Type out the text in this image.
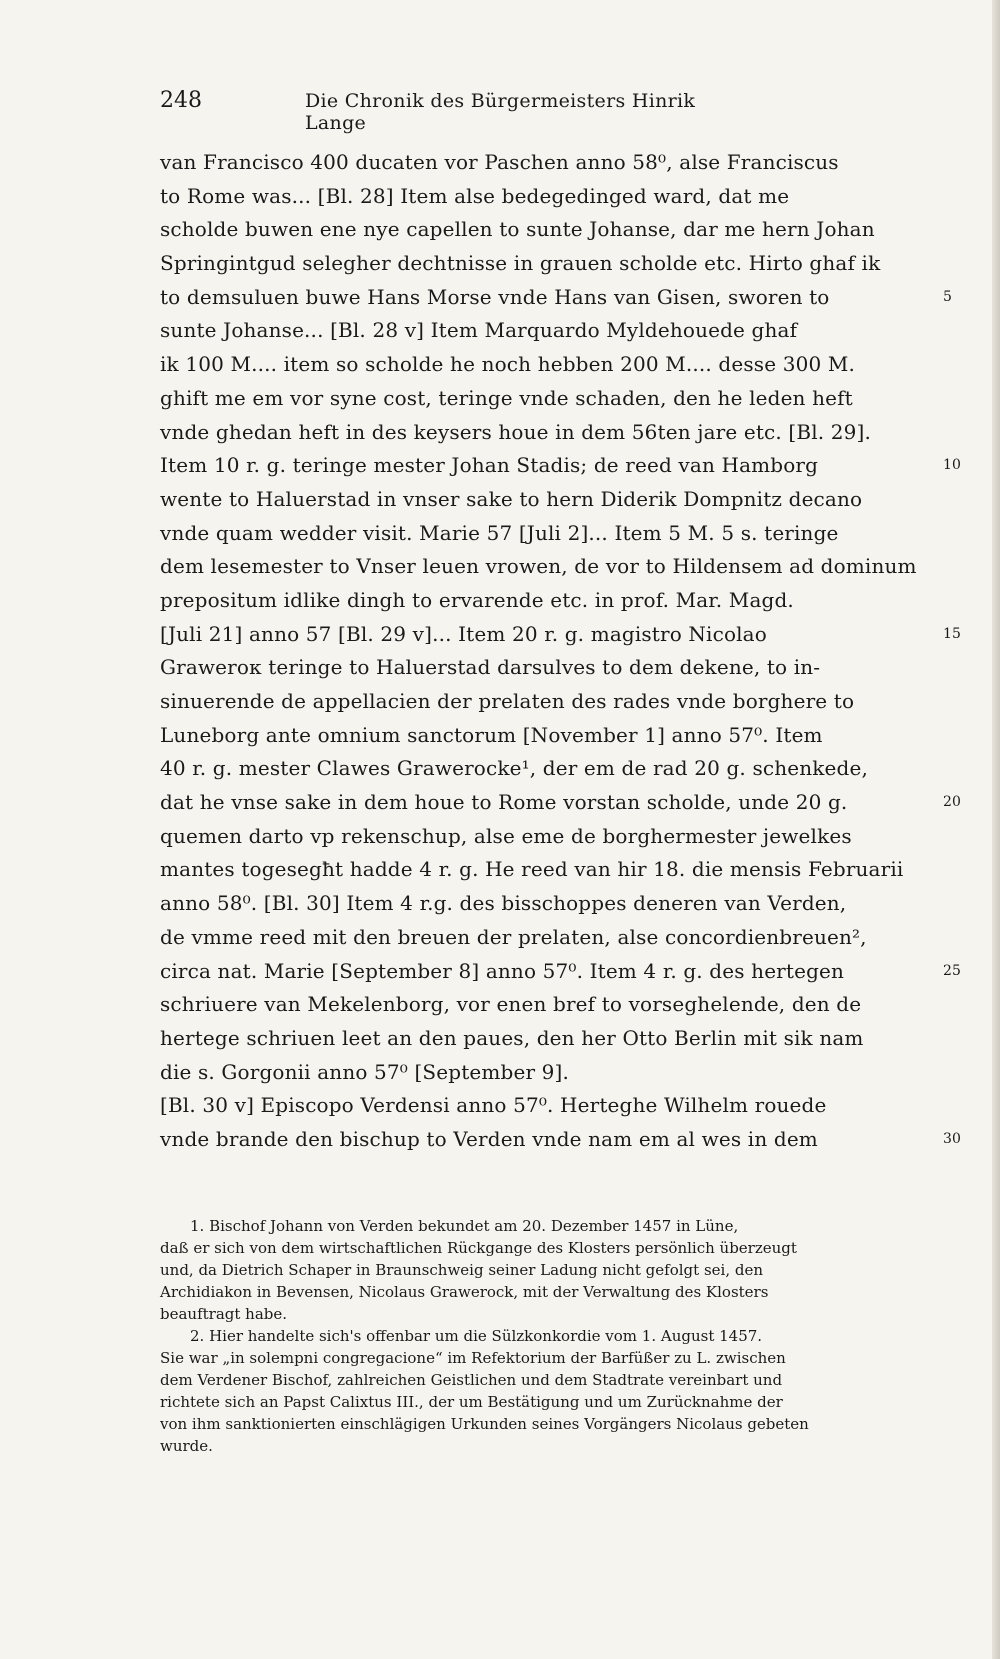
248	Die Chronik des Bürgermeisters Hinrik Lange
van Francisco 400 ducaten vor Paschen anno 58⁰, alse Franciscus
to Rome was... [Bl. 28] Item alse bedegedinged ward, dat me
scholde buwen ene nye capellen to sunte Johanse, dar me hern Johan
Springintgud selegher dechtnisse in grauen scholde etc. Hirto ghaf ik
to demsuluen buwe Hans Morse vnde Hans van Gisen, sworen to	5
sunte Johanse... [Bl. 28 v] Item Marquardo Myldehouede ghaf
ik 100 M.... item so scholde he noch hebben 200 M.... desse 300 M.
ghift me em vor syne cost, teringe vnde schaden, den he leden heft
vnde ghedan heft in des keysers houe in dem 56ten jare etc. [Bl. 29].
Item 10 r. g. teringe mester Johan Stadis; de reed van Hamborg	10
wente to Haluerstad in vnser sake to hern Diderik Dompnitz decano
vnde quam wedder visit. Marie 57 [Juli 2]... Item 5 M. 5 s. teringe
dem lesemester to Vnser leuen vrowen, de vor to Hildensem ad dominum
prepositum idlike dingh to ervarende etc. in prof. Mar. Magd.
[Juli 21] anno 57 [Bl. 29 v]... Item 20 r. g. magistro Nicolao	15
Graweroк teringe to Haluerstad darsulves to dem dekene, to in-
sinuerende de appellacien der prelaten des rades vnde borghere to
Luneborg ante omnium sanctorum [November 1] anno 57⁰. Item
40 r. g. mester Clawes Graweroсke¹, der em de rad 20 g. schenkede,
dat he vnse sake in dem houe to Rome vorstan scholde, unde 20 g.	20
quemen darto vp rekenschup, alse eme de borghermester jewelkes
mantes togesegħt hadde 4 r. g. He reed van hir 18. die mensis Februarii
anno 58⁰. [Bl. 30] Item 4 r.g. des bisschoppes deneren van Verden,
de vmme reed mit den breuen der prelaten, alse concordienbreuen²,
circa nat. Marie [September 8] anno 57⁰. Item 4 r. g. des hertegen	25
schriuere van Mekelenborg, vor enen bref to vorseghelende, den de
hertege schriuen leet an den paues, den her Otto Berlin mit sik nam
die s. Gorgonii anno 57⁰ [September 9].
[Bl. 30 v] Episcopo Verdensi anno 57⁰. Herteghe Wilhelm rouede
vnde brande den bischup to Verden vnde nam em al wes in dem	30
1. Bischof Johann von Verden bekundet am 20. Dezember 1457 in Lüne,
daß er sich von dem wirtschaftlichen Rückgange des Klosters persönlich überzeugt
und, da Dietrich Schaper in Braunschweig seiner Ladung nicht gefolgt sei, den
Archidiakon in Bevensen, Nicolaus Graweroсk, mit der Verwaltung des Klosters
beauftragt habe.
2. Hier handelte sich's offenbar um die Sülzkonkordie vom 1. August 1457.
Sie war „in solempni congregacione“ im Refektorium der Barfüßer zu L. zwischen
dem Verdener Bischof, zahlreichen Geistlichen und dem Stadtrate vereinbart und
richtete sich an Papst Calixtus III., der um Bestätigung und um Zurücknahme der
von ihm sanktionierten einschlägigen Urkunden seines Vorgängers Nicolaus gebeten
wurde.
